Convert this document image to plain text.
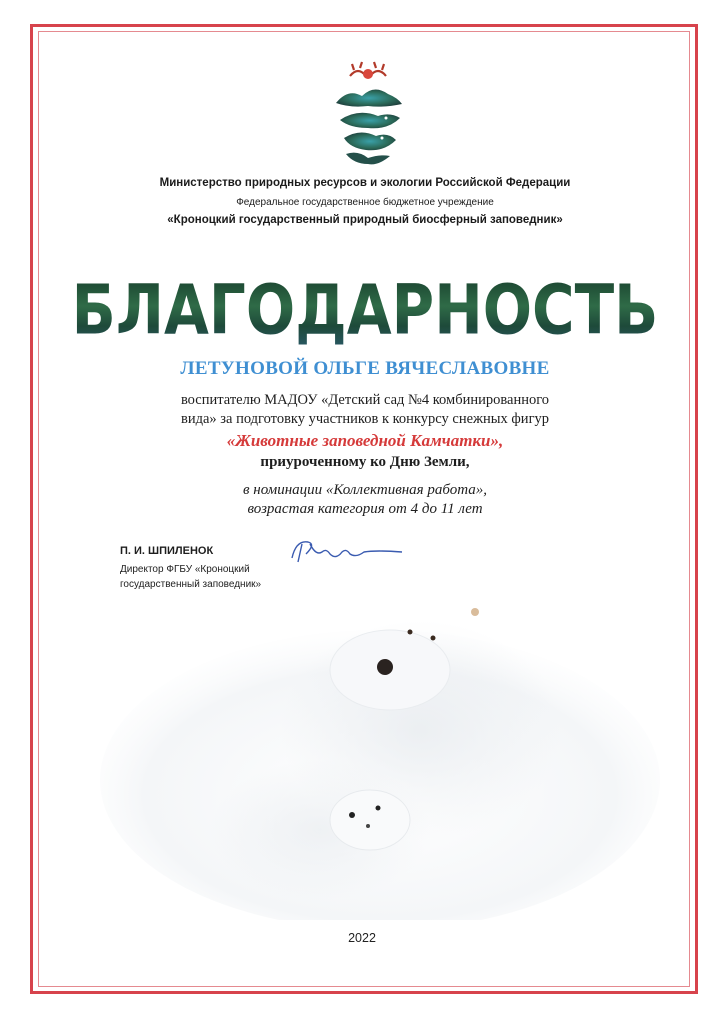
Министерство природных ресурсов и экологии Российской Федерации
Федеральное государственное бюджетное учреждение
«Кроноцкий государственный природный биосферный заповедник»
БЛАГОДАРНОСТЬ
ЛЕТУНОВОЙ ОЛЬГЕ ВЯЧЕСЛАВОВНЕ
воспитателю МАДОУ «Детский сад №4 комбинированного
вида» за подготовку участников к конкурсу снежных фигур
«Животные заповедной Камчатки»,
приуроченному ко Дню Земли,
в номинации «Коллективная работа»,
возрастая категория от 4 до 11 лет
П. И. ШПИЛЕНОК
Директор ФГБУ «Кроноцкий
государственный заповедник»
2022
